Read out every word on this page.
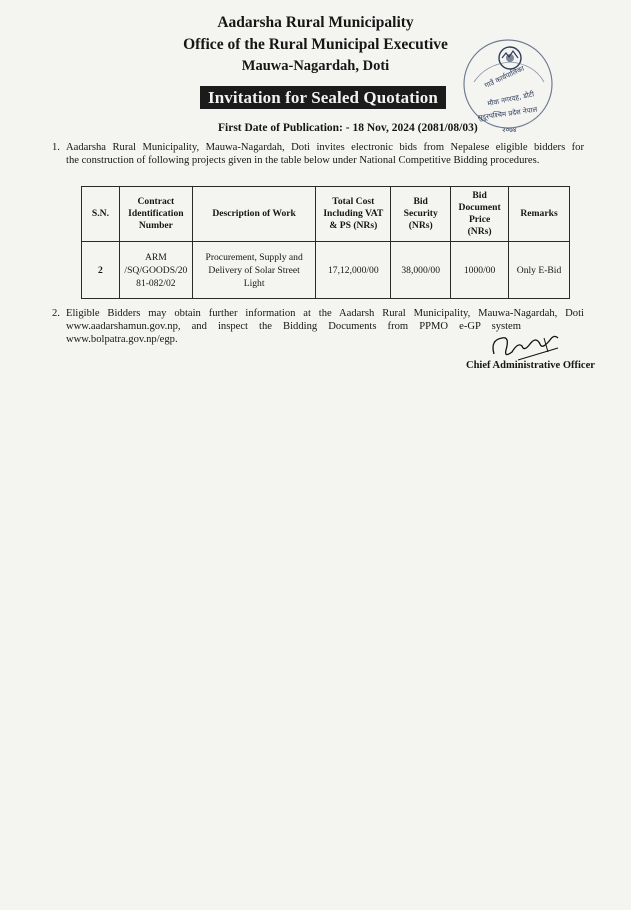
Aadarsha Rural Municipality
Office of the Rural Municipal Executive
Mauwa-Nagardah, Doti	गाउँ कार्यपालिका
मौवा नगरदह, डोटी
सुदूरपश्चिम प्रदेश नेपाल
२०७४
Invitation for Sealed Quotation
First Date of Publication: - 18 Nov, 2024 (2081/08/03)
1. Aadarsha Rural Municipality, Mauwa-Nagardah, Doti invites electronic bids from Nepalese eligible bidders for
the construction of following projects given in the table below under National Competitive Bidding procedures.
S.N.	Contract
Identification
Number	Description of Work	Total Cost
Including VAT
& PS (NRs)	Bid
Security
(NRs)	Bid
Document
Price
(NRs)	Remarks
2	ARM
/SQ/GOODS/20
81-082/02	Procurement, Supply and
Delivery of Solar Street
Light	17,12,000/00	38,000/00	1000/00	Only E-Bid
2. Eligible Bidders may obtain further information at the Aadarsh Rural Municipality, Mauwa-Nagardah, Doti
www.aadarshamun.gov.np, and inspect the Bidding Documents from PPMO e-GP system
www.bolpatra.gov.np/egp.
Chief Administrative Officer
